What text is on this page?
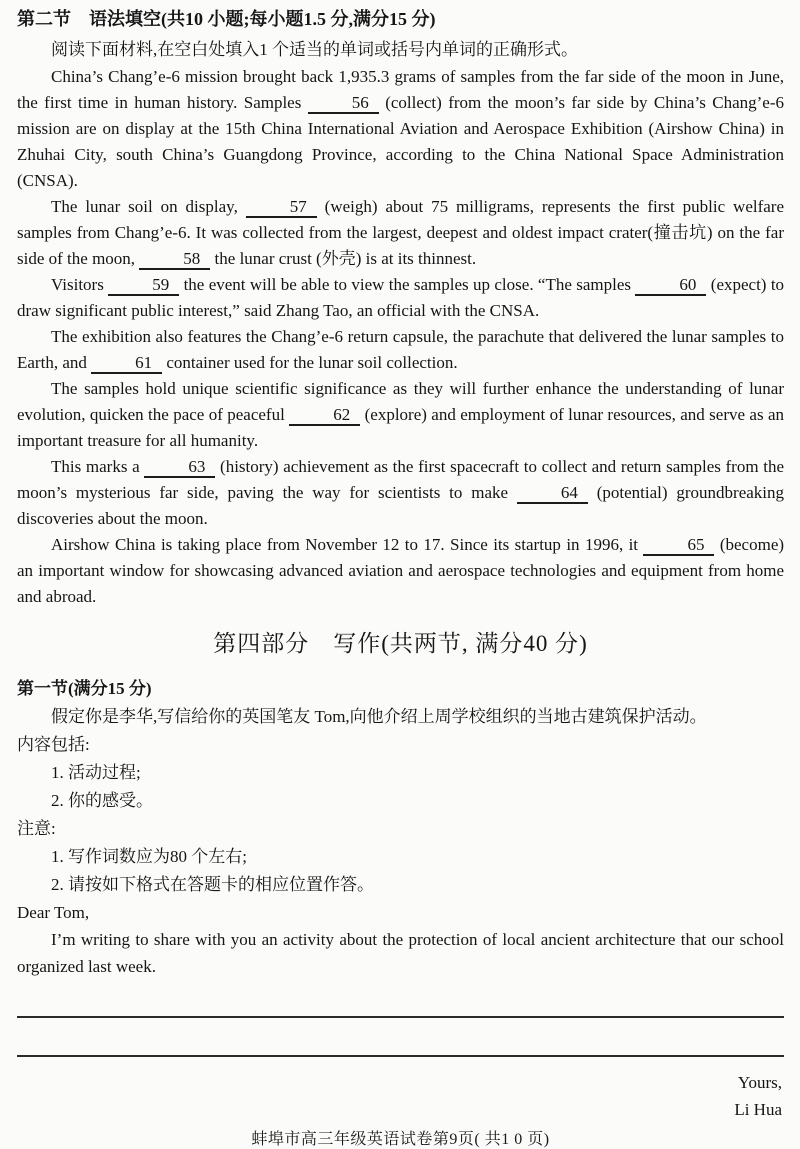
第二节　语法填空(共10 小题;每小题1.5 分,满分15 分)

阅读下面材料,在空白处填入1 个适当的单词或括号内单词的正确形式。

China’s Chang’e-6 mission brought back 1,935.3 grams of samples from the far side of the moon in June, the first time in human history. Samples	56 (collect) from the moon’s far side by China’s Chang’e-6 mission are on display at the 15th China International Aviation and Aerospace Exhibition (Airshow China) in Zhuhai City, south China’s Guangdong Province, according to the China National Space Administration (CNSA).

The lunar soil on display,	57 (weigh) about 75 milligrams, represents the first public welfare samples from Chang’e-6. It was collected from the largest, deepest and oldest impact crater(撞击坑) on the far side of the moon,	58 the lunar crust (外壳) is at its thinnest.

Visitors	59 the event will be able to view the samples up close. “The samples	60 (expect) to draw significant public interest,” said Zhang Tao, an official with the CNSA.

The exhibition also features the Chang’e-6 return capsule, the parachute that delivered the lunar samples to Earth, and	61 container used for the lunar soil collection.

The samples hold unique scientific significance as they will further enhance the understanding of lunar evolution, quicken the pace of peaceful	62 (explore) and employment of lunar resources, and serve as an important treasure for all humanity.

This marks a	63 (history) achievement as the first spacecraft to collect and return samples from the moon’s mysterious far side, paving the way for scientists to make	64 (potential) groundbreaking discoveries about the moon.

Airshow China is taking place from November 12 to 17. Since its startup in 1996, it	65 (become) an important window for showcasing advanced aviation and aerospace technologies and equipment from home and abroad.

第四部分　写作(共两节, 满分40 分)
第一节(满分15 分)

假定你是李华,写信给你的英国笔友 Tom,向他介绍上周学校组织的当地古建筑保护活动。

内容包括:

1. 活动过程;

2. 你的感受。

注意:

1. 写作词数应为80 个左右;

2. 请按如下格式在答题卡的相应位置作答。

Dear Tom,

I’m writing to share with you an activity about the protection of local ancient architecture that our school organized last week.

Yours,

Li Hua

蚌埠市高三年级英语试卷第9页( 共1 0 页)
